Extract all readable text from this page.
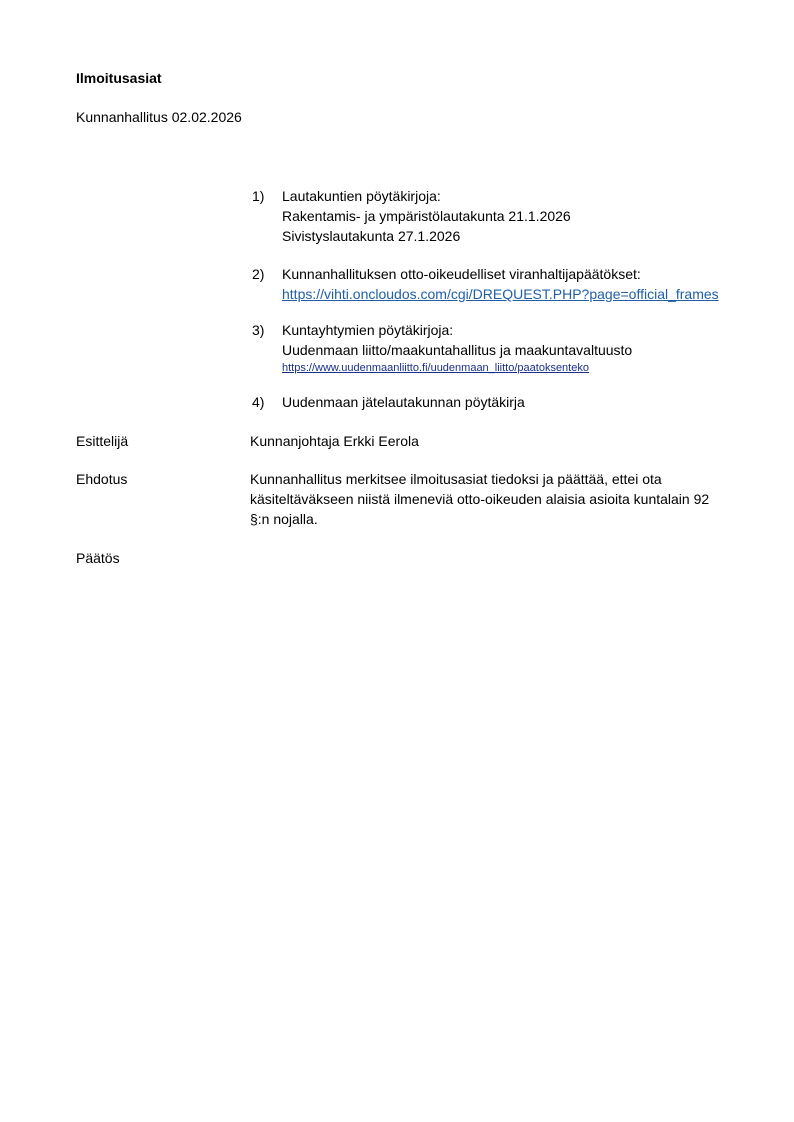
Ilmoitusasiat
Kunnanhallitus 02.02.2026
1) Lautakuntien pöytäkirjoja:
Rakentamis- ja ympäristölautakunta 21.1.2026
Sivistyslautakunta 27.1.2026
2) Kunnanhallituksen otto-oikeudelliset viranhaltijapäätökset:
https://vihti.oncloudos.com/cgi/DREQUEST.PHP?page=official_frames
3) Kuntayhtymien pöytäkirjoja:
Uudenmaan liitto/maakuntahallitus ja maakuntavaltuusto
https://www.uudenmaanliitto.fi/uudenmaan_liitto/paatoksenteko
4) Uudenmaan jätelautakunnan pöytäkirja
Esittelijä	Kunnanjohtaja Erkki Eerola
Ehdotus	Kunnanhallitus merkitsee ilmoitusasiat tiedoksi ja päättää, ettei ota
käsiteltäväkseen niistä ilmeneviä otto-oikeuden alaisia asioita kuntalain 92
§:n nojalla.
Päätös
